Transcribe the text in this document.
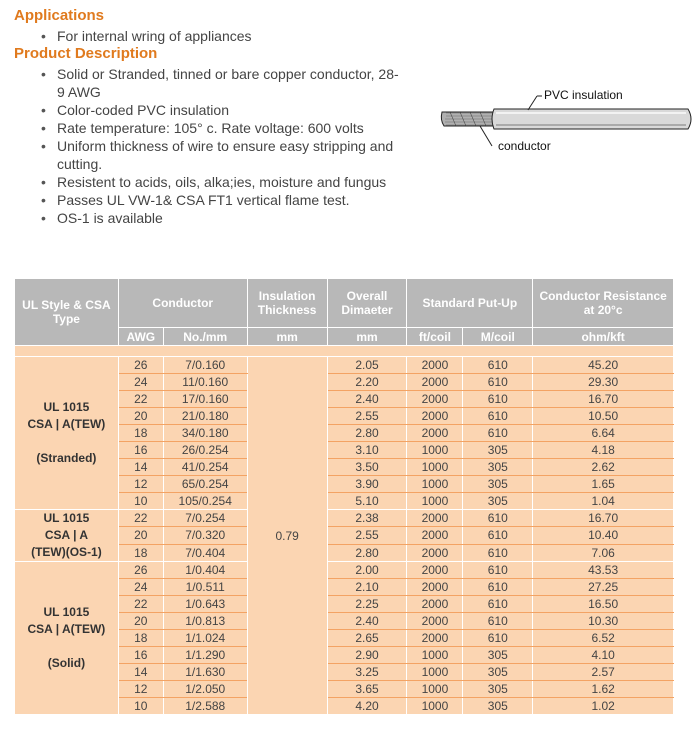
Applications
• For internal wring of appliances
Product Description
• Solid or Stranded, tinned or bare copper conductor, 28-9 AWG
• Color-coded PVC insulation
• Rate temperature: 105° c. Rate voltage: 600 volts
• Uniform thickness of wire to ensure easy stripping and cutting.
• Resistent to acids, oils, alka;ies, moisture and fungus
• Passes UL VW-1& CSA FT1 vertical flame test.
• OS-1 is available
PVC insulation
conductor
UL Style & CSA Type	Conductor		Insulation Thickness	Overall Dimaeter	Standard Put-Up		Conductor Resistance at 20°c
	AWG	No./mm	mm	mm	ft/coil	M/coil	ohm/kft

UL 1015
CSA | A(TEW)

(Stranded)	26	7/0.160	0.79	2.05	2000	610	45.20
	24	11/0.160		2.20	2000	610	29.30
	22	17/0.160		2.40	2000	610	16.70
	20	21/0.180		2.55	2000	610	10.50
	18	34/0.180		2.80	2000	610	6.64
	16	26/0.254		3.10	1000	305	4.18
	14	41/0.254		3.50	1000	305	2.62
	12	65/0.254		3.90	1000	305	1.65
	10	105/0.254		5.10	1000	305	1.04

UL 1015
CSA | A
(TEW)(OS-1)	22	7/0.254		2.38	2000	610	16.70
	20	7/0.320		2.55	2000	610	10.40
	18	7/0.404		2.80	2000	610	7.06

UL 1015
CSA | A(TEW)

(Solid)	26	1/0.404		2.00	2000	610	43.53
	24	1/0.511		2.10	2000	610	27.25
	22	1/0.643		2.25	2000	610	16.50
	20	1/0.813		2.40	2000	610	10.30
	18	1/1.024		2.65	2000	610	6.52
	16	1/1.290		2.90	1000	305	4.10
	14	1/1.630		3.25	1000	305	2.57
	12	1/2.050		3.65	1000	305	1.62
	10	1/2.588		4.20	1000	305	1.02
